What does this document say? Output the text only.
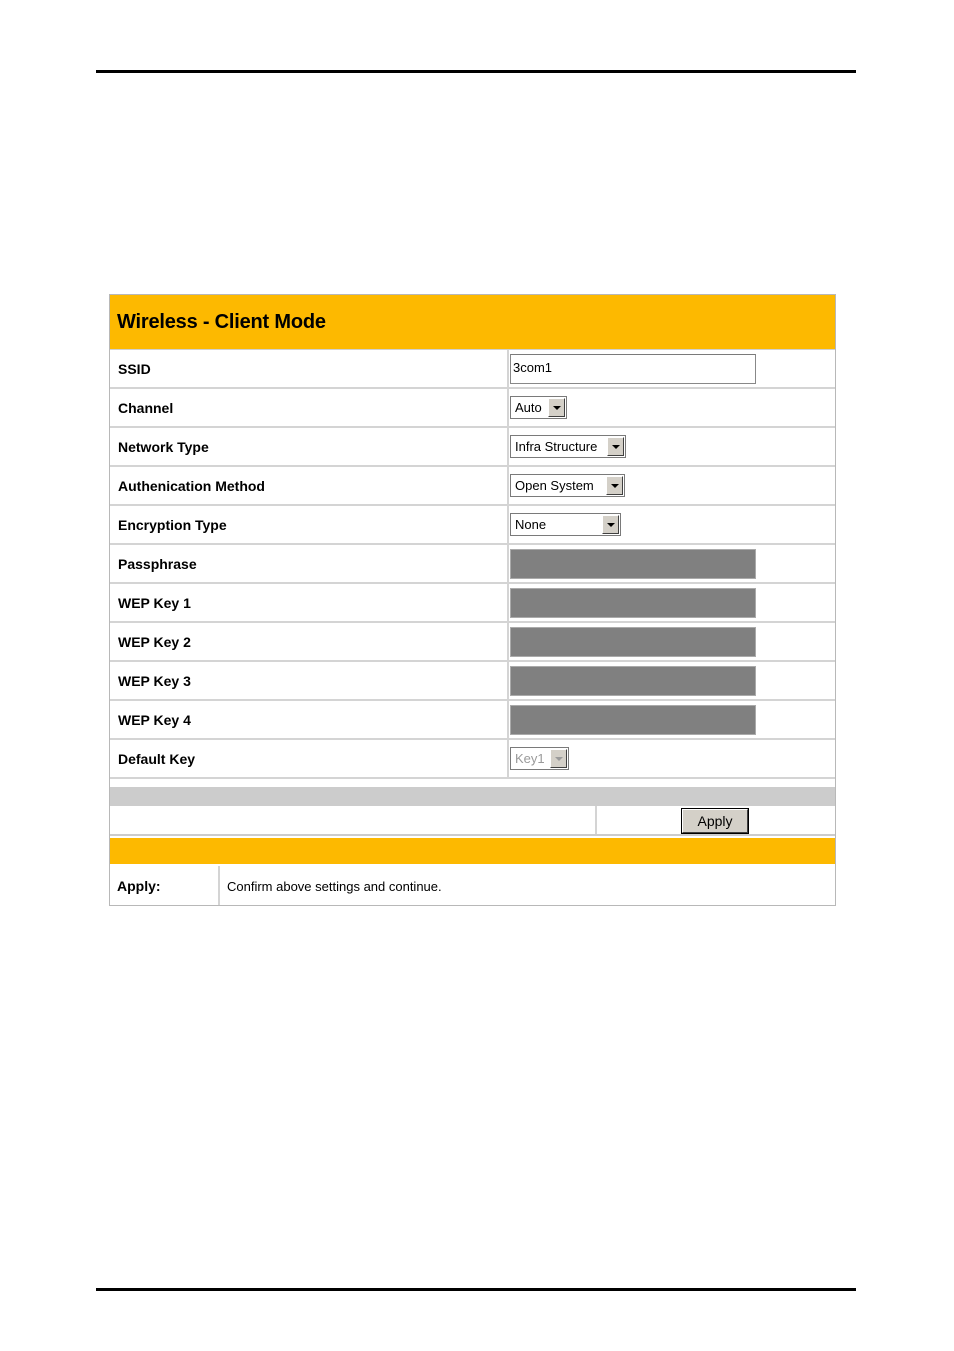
Wireless - Client Mode
SSID	3com1
Channel	Auto
Network Type	Infra Structure
Authenication Method	Open System
Encryption Type	None
Passphrase
WEP Key 1
WEP Key 2
WEP Key 3
WEP Key 4
Default Key	Key1
Apply
Apply:	Confirm above settings and continue.
